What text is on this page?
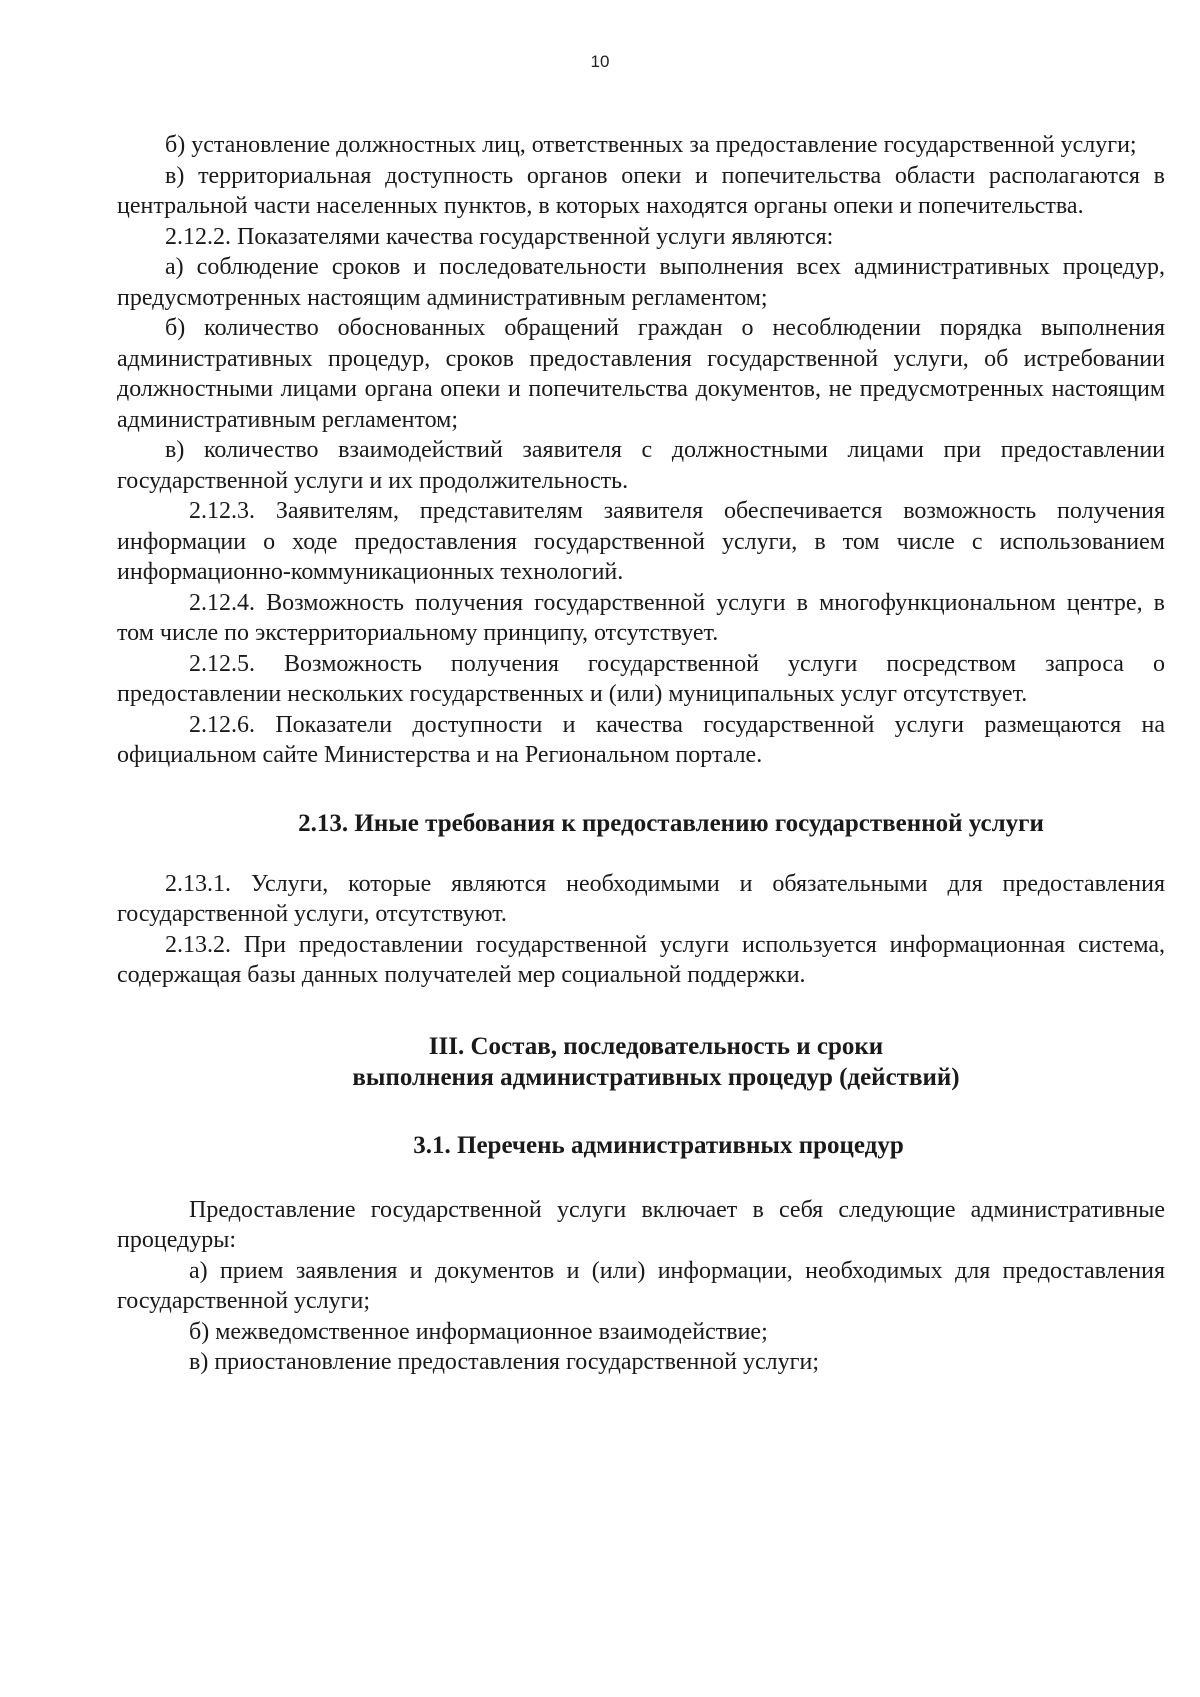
10

б) установление должностных лиц, ответственных за предоставление государственной услуги;

в) территориальная доступность органов опеки и попечительства области располагаются в центральной части населенных пунктов, в которых находятся органы опеки и попечительства.

2.12.2. Показателями качества государственной услуги являются:

а) соблюдение сроков и последовательности выполнения всех административных процедур, предусмотренных настоящим административным регламентом;

б) количество обоснованных обращений граждан о несоблюдении порядка выполнения административных процедур, сроков предоставления государственной услуги, об истребовании должностными лицами органа опеки и попечительства документов, не предусмотренных настоящим административным регламентом;

в) количество взаимодействий заявителя с должностными лицами при предоставлении государственной услуги и их продолжительность.

2.12.3. Заявителям, представителям заявителя обеспечивается возможность получения информации о ходе предоставления государственной услуги, в том числе с использованием информационно-коммуникационных технологий.

2.12.4. Возможность получения государственной услуги в многофункциональном центре, в том числе по экстерриториальному принципу, отсутствует.

2.12.5. Возможность получения государственной услуги посредством запроса о предоставлении нескольких государственных и (или) муниципальных услуг отсутствует.

2.12.6. Показатели доступности и качества государственной услуги размещаются на официальном сайте Министерства и на Региональном портале.

2.13. Иные требования к предоставлению государственной услуги

2.13.1. Услуги, которые являются необходимыми и обязательными для предоставления государственной услуги, отсутствуют.

2.13.2. При предоставлении государственной услуги используется информационная система, содержащая базы данных получателей мер социальной поддержки.

III. Состав, последовательность и сроки
выполнения административных процедур (действий)
3.1. Перечень административных процедур

Предоставление государственной услуги включает в себя следующие административные процедуры:

а) прием заявления и документов и (или) информации, необходимых для предоставления государственной услуги;

б) межведомственное информационное взаимодействие;

в) приостановление предоставления государственной услуги;
